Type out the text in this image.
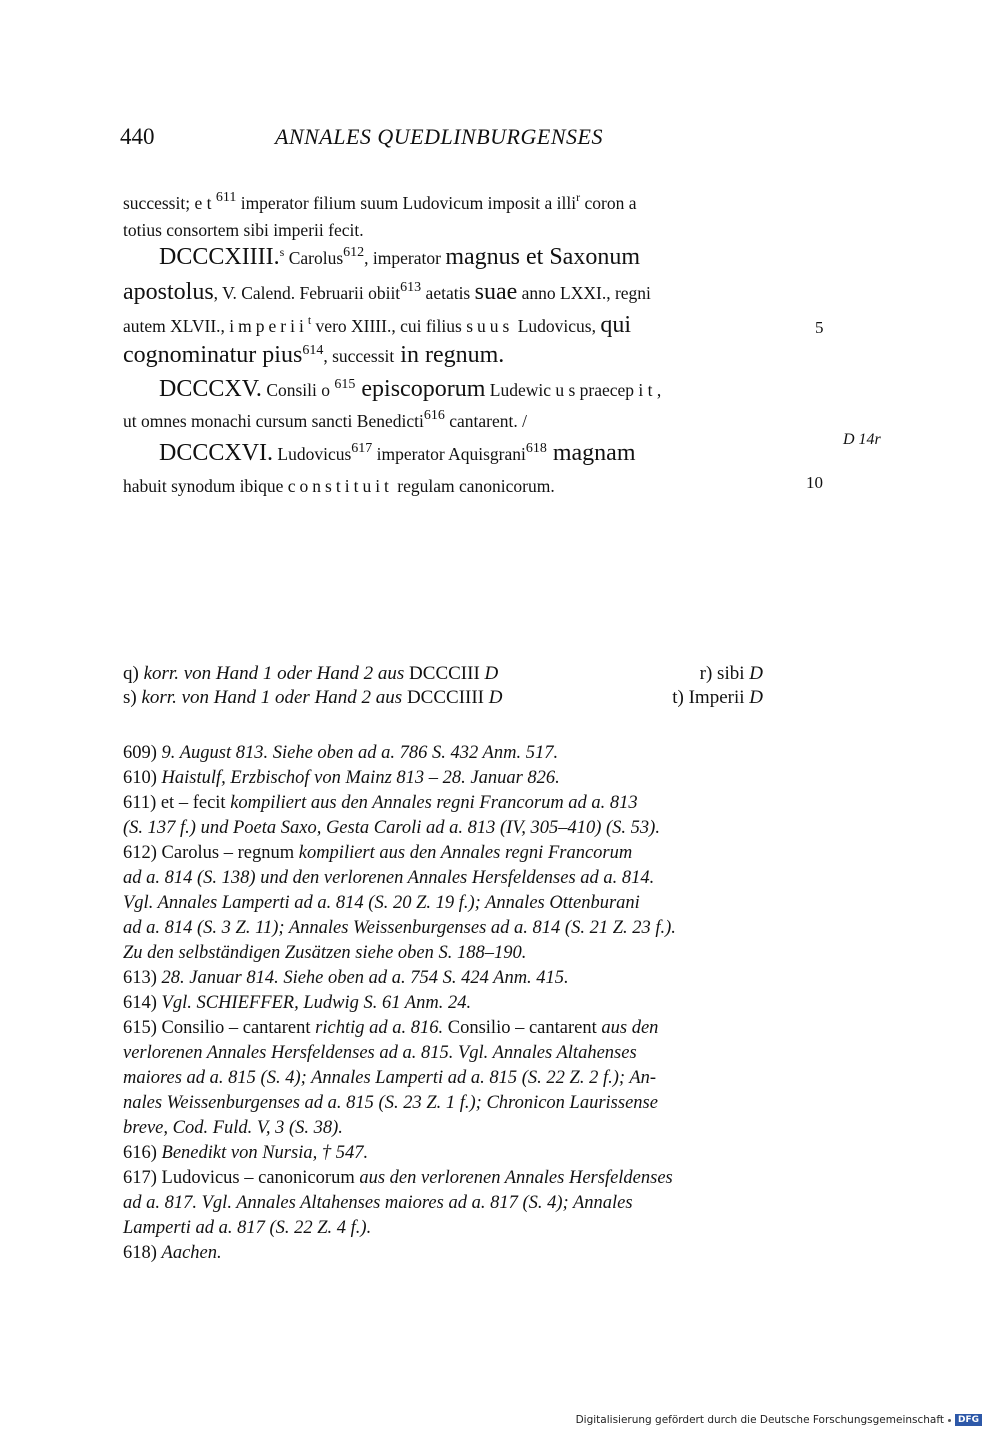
440	ANNALES QUEDLINBURGENSES
successit; e t $^{611}$ imperator filium suum Ludovicum imposit a illi$^r$ coron a
totius consortem sibi imperii fecit.
DCCCXIIII.$^s$ Carolus$^{612}$, imperator magnus et Saxonum
apostolus, V. Calend. Februarii obiit$^{613}$ aetatis suae anno LXXI., regni
autem XLVII., imperii$^t$ vero XIIII., cui filius suus Ludovicus, qui
cognominatur pius$^{614}$, successit in regnum.
DCCCXV. Consili o $^{615}$ episcoporum Ludewic u s praecep i t ,
ut omnes monachi cursum sancti Benedicti$^{616}$ cantarent. /
DCCCXVI. Ludovicus$^{617}$ imperator Aquisgrani$^{618}$ magnam
habuit synodum ibique constituit regulam canonicorum.
5
10
D 14r
q) korr. von Hand 1 oder Hand 2 aus DCCCIII D	r) sibi D
s) korr. von Hand 1 oder Hand 2 aus DCCCIIII D	t) Imperii D
609) 9. August 813. Siehe oben ad a. 786 S. 432 Anm. 517.
610) Haistulf, Erzbischof von Mainz 813 – 28. Januar 826.
611) et – fecit kompiliert aus den Annales regni Francorum ad a. 813
(S. 137 f.) und Poeta Saxo, Gesta Caroli ad a. 813 (IV, 305–410) (S. 53).
612) Carolus – regnum kompiliert aus den Annales regni Francorum
ad a. 814 (S. 138) und den verlorenen Annales Hersfeldenses ad a. 814.
Vgl. Annales Lamperti ad a. 814 (S. 20 Z. 19 f.); Annales Ottenburani
ad a. 814 (S. 3 Z. 11); Annales Weissenburgenses ad a. 814 (S. 21 Z. 23 f.).
Zu den selbständigen Zusätzen siehe oben S. 188–190.
613) 28. Januar 814. Siehe oben ad a. 754 S. 424 Anm. 415.
614) Vgl. SCHIEFFER, Ludwig S. 61 Anm. 24.
615) Consilio – cantarent richtig ad a. 816. Consilio – cantarent aus den
verlorenen Annales Hersfeldenses ad a. 815. Vgl. Annales Altahenses
maiores ad a. 815 (S. 4); Annales Lamperti ad a. 815 (S. 22 Z. 2 f.); An-
nales Weissenburgenses ad a. 815 (S. 23 Z. 1 f.); Chronicon Laurissense
breve, Cod. Fuld. V, 3 (S. 38).
616) Benedikt von Nursia, † 547.
617) Ludovicus – canonicorum aus den verlorenen Annales Hersfeldenses
ad a. 817. Vgl. Annales Altahenses maiores ad a. 817 (S. 4); Annales
Lamperti ad a. 817 (S. 22 Z. 4 f.).
618) Aachen.
Digitalisierung gefördert durch die Deutsche Forschungsgemeinschaft	DFG
